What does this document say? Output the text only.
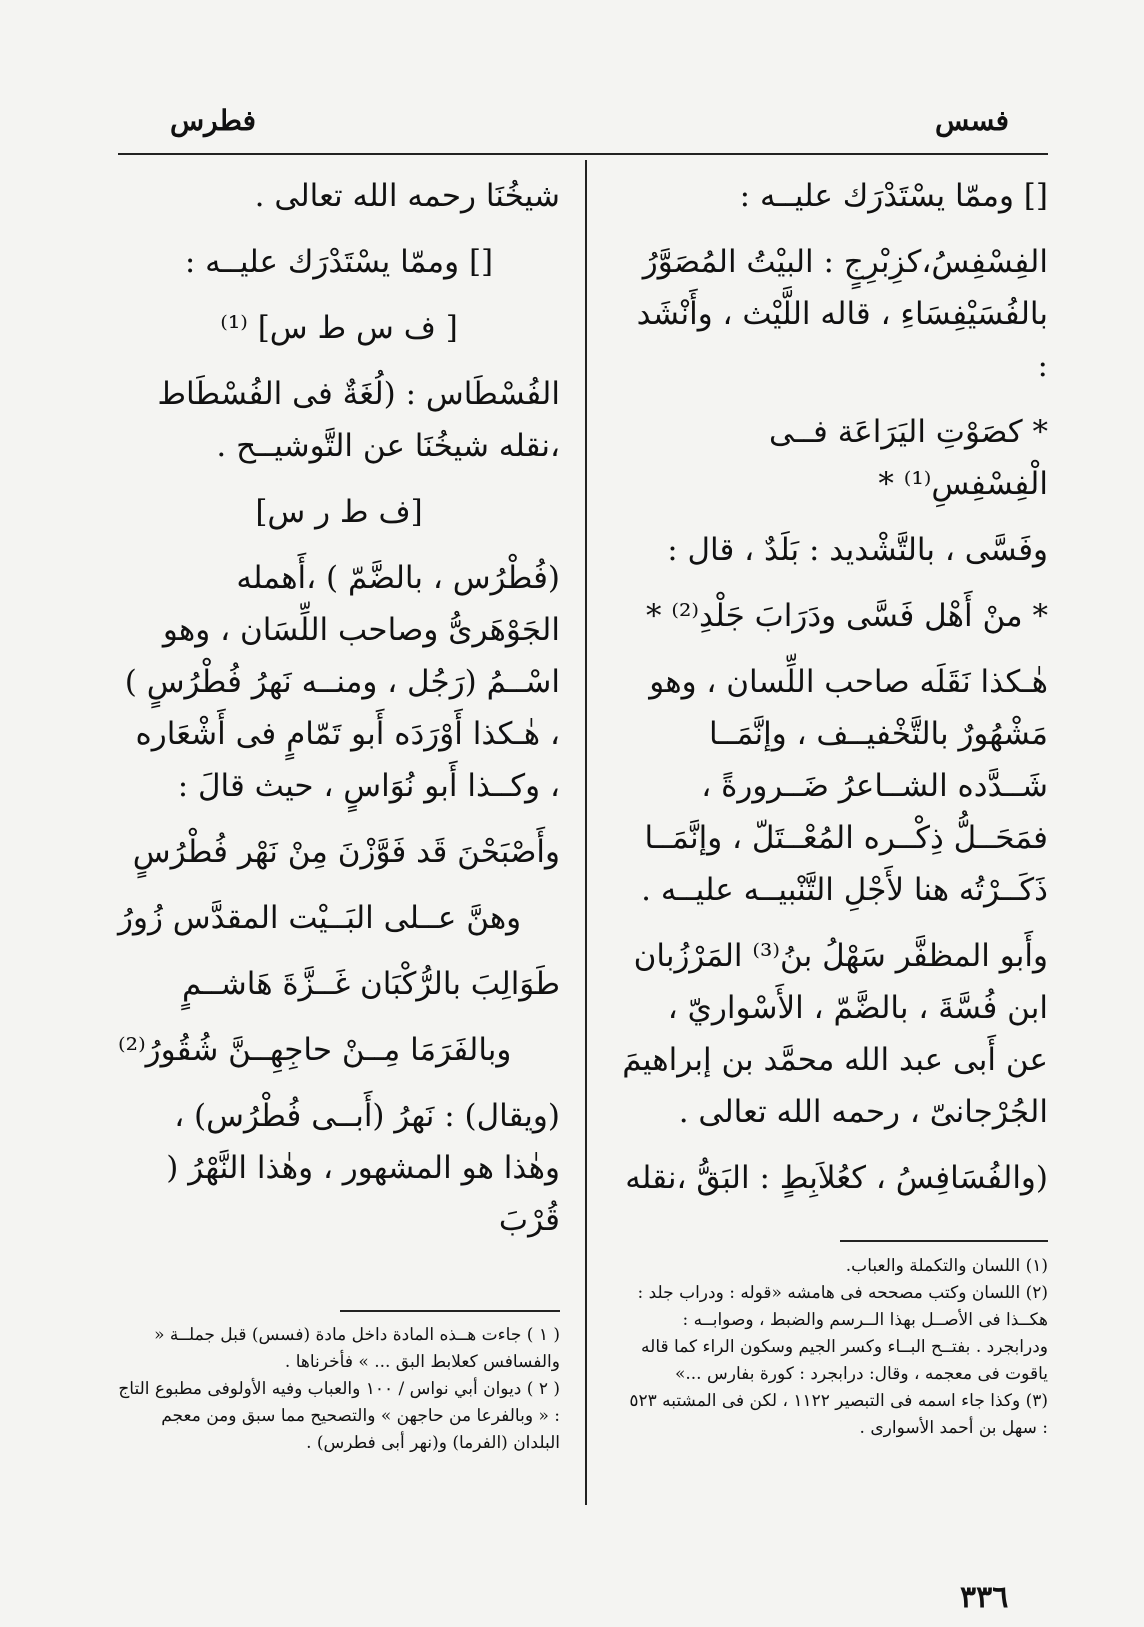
فسس
فطرس

[] وممّا يسْتَدْرَك عليــه :

الفِسْفِسُ،كزِبْرِجٍ : البيْتُ المُصَوَّرُ بالفُسَيْفِسَاءِ ، قاله اللَّيْث ، وأَنْشَد :

* كصَوْتِ اليَرَاعَة فــى الْفِسْفِسِ⁽¹⁾ *

وفَسَّى ، بالتَّشْديد : بَلَدٌ ، قال :

* منْ أَهْل فَسَّى ودَرَابَ جَلْدِ⁽²⁾ *

هٰـكذا نَقَلَه صاحب اللِّسان ، وهو مَشْهُورٌ بالتَّخْفيــف ، وإنَّمَــا شَــدَّده الشــاعرُ ضَــرورةً ، فمَحَــلُّ ذِكْــره المُعْــتَلّ ، وإنَّمَــا ذَكَــرْتُه هنا لأَجْلِ التَّنْبيــه عليــه .

وأَبو المظفَّر سَهْلُ بنُ⁽³⁾ المَرْزُبان ابن فُسَّةَ ، بالضَّمّ ، الأَسْواريّ ، عن أَبى عبد الله محمَّد بن إبراهيمَ الجُرْجانىّ ، رحمه الله تعالى .

(والفُسَافِسُ ، كعُلاَبِطٍ : البَقُّ ،نقله

شيخُنَا رحمه الله تعالى .

[] وممّا يسْتَدْرَك عليــه :

[ ف س ط س] ⁽¹⁾

الفُسْطَاس : (لُغَةٌ فى الفُسْطَاط ،نقله شيخُنَا عن التَّوشيــح .

[ف ط ر س]

(فُطْرُس ، بالضَّمّ ) ،أَهمله الجَوْهَرىُّ وصاحب اللِّسَان ، وهو اسْــمُ (رَجُل ، ومنــه نَهرُ فُطْرُسٍ ) ، هٰـكذا أَوْرَدَه أَبو تَمّامٍ فى أَشْعَاره ، وكــذا أَبو نُوَاسٍ ، حيث قالَ :

وأَصْبَحْنَ قَد فَوَّزْنَ مِنْ نَهْر فُطْرُسٍ

وهنَّ عــلى البَــيْت المقدَّس زُورُ

طَوَالِبَ بالرُّكْبَان غَــزَّةَ هَاشــمٍ

وبالفَرَمَا مِــنْ حاجِهِــنَّ شُقُورُ⁽²⁾

(ويقال) : نَهرُ (أَبــى فُطْرُس) ، وهٰذا هو المشهور ، وهٰذا النَّهْرُ ( قُرْبَ

(١) اللسان والتكملة والعباب.

(٢) اللسان وكتب مصححه فى هامشه «قوله : ودراب جلد : هكــذا فى الأصــل بهذا الــرسم والضبط ، وصوابــه : ودرابجرد . بفتــح البــاء وكسر الجيم وسكون الراء كما قاله ياقوت فى معجمه ، وقال: درابجرد : كورة بفارس ...»

(٣) وكذا جاء اسمه فى التبصير ١١٢٢ ، لكن فى المشتبه ٥٢٣ : سهل بن أحمد الأسوارى .

( ١ ) جاءت هــذه المادة داخل مادة (فسس) قبل جملــة « والفسافس كعلابط البق ... » فأخرناها .

( ٢ ) ديوان أبي نواس / ١٠٠ والعباب وفيه الأولوفى مطبوع التاج : « وبالفرعا من حاجهن » والتصحيح مما سبق ومن معجم البلدان (الفرما) و(نهر أبى فطرس) .

٣٣٦
